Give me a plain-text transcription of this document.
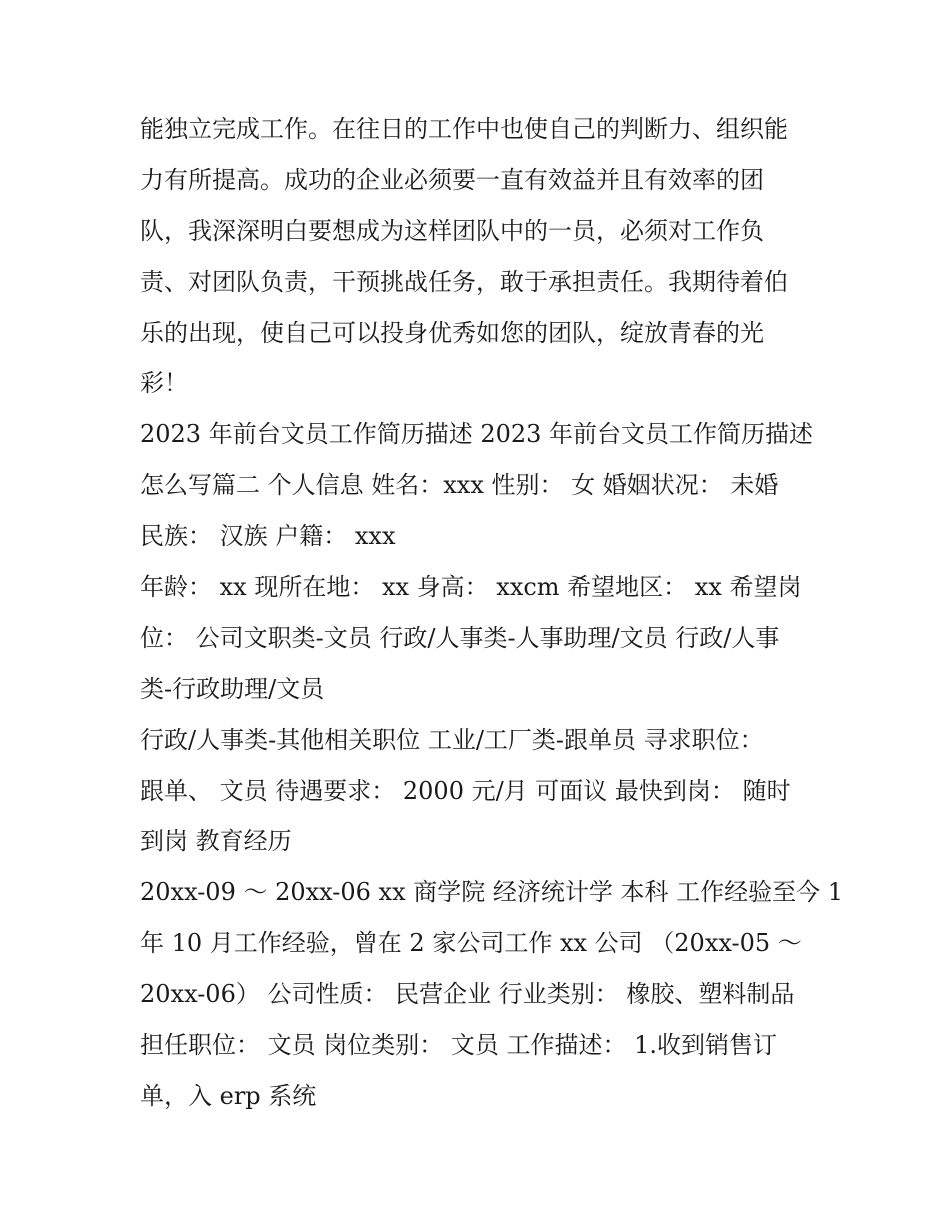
能独立完成工作。在往日的工作中也使自己的判断力、组织能
力有所提高。成功的企业必须要一直有效益并且有效率的团
队，我深深明白要想成为这样团队中的一员，必须对工作负
责、对团队负责，干预挑战任务，敢于承担责任。我期待着伯
乐的出现，使自己可以投身优秀如您的团队，绽放青春的光
彩！
2023 年前台文员工作简历描述 2023 年前台文员工作简历描述
怎么写篇二 个人信息 姓名：xxx 性别： 女 婚姻状况： 未婚
民族： 汉族 户籍： xxx
年龄： xx 现所在地： xx 身高： xxcm 希望地区： xx 希望岗
位： 公司文职类-文员 行政/人事类-人事助理/文员 行政/人事
类-行政助理/文员
行政/人事类-其他相关职位 工业/工厂类-跟单员 寻求职位：
跟单、 文员 待遇要求： 2000 元/月 可面议 最快到岗： 随时
到岗 教育经历
20xx-09 ～ 20xx-06 xx 商学院 经济统计学 本科 工作经验至今 1
年 10 月工作经验，曾在 2 家公司工作 xx 公司 （20xx-05 ～
20xx-06） 公司性质： 民营企业 行业类别： 橡胶、塑料制品
担任职位： 文员 岗位类别： 文员 工作描述： 1.收到销售订
单，入 erp 系统
